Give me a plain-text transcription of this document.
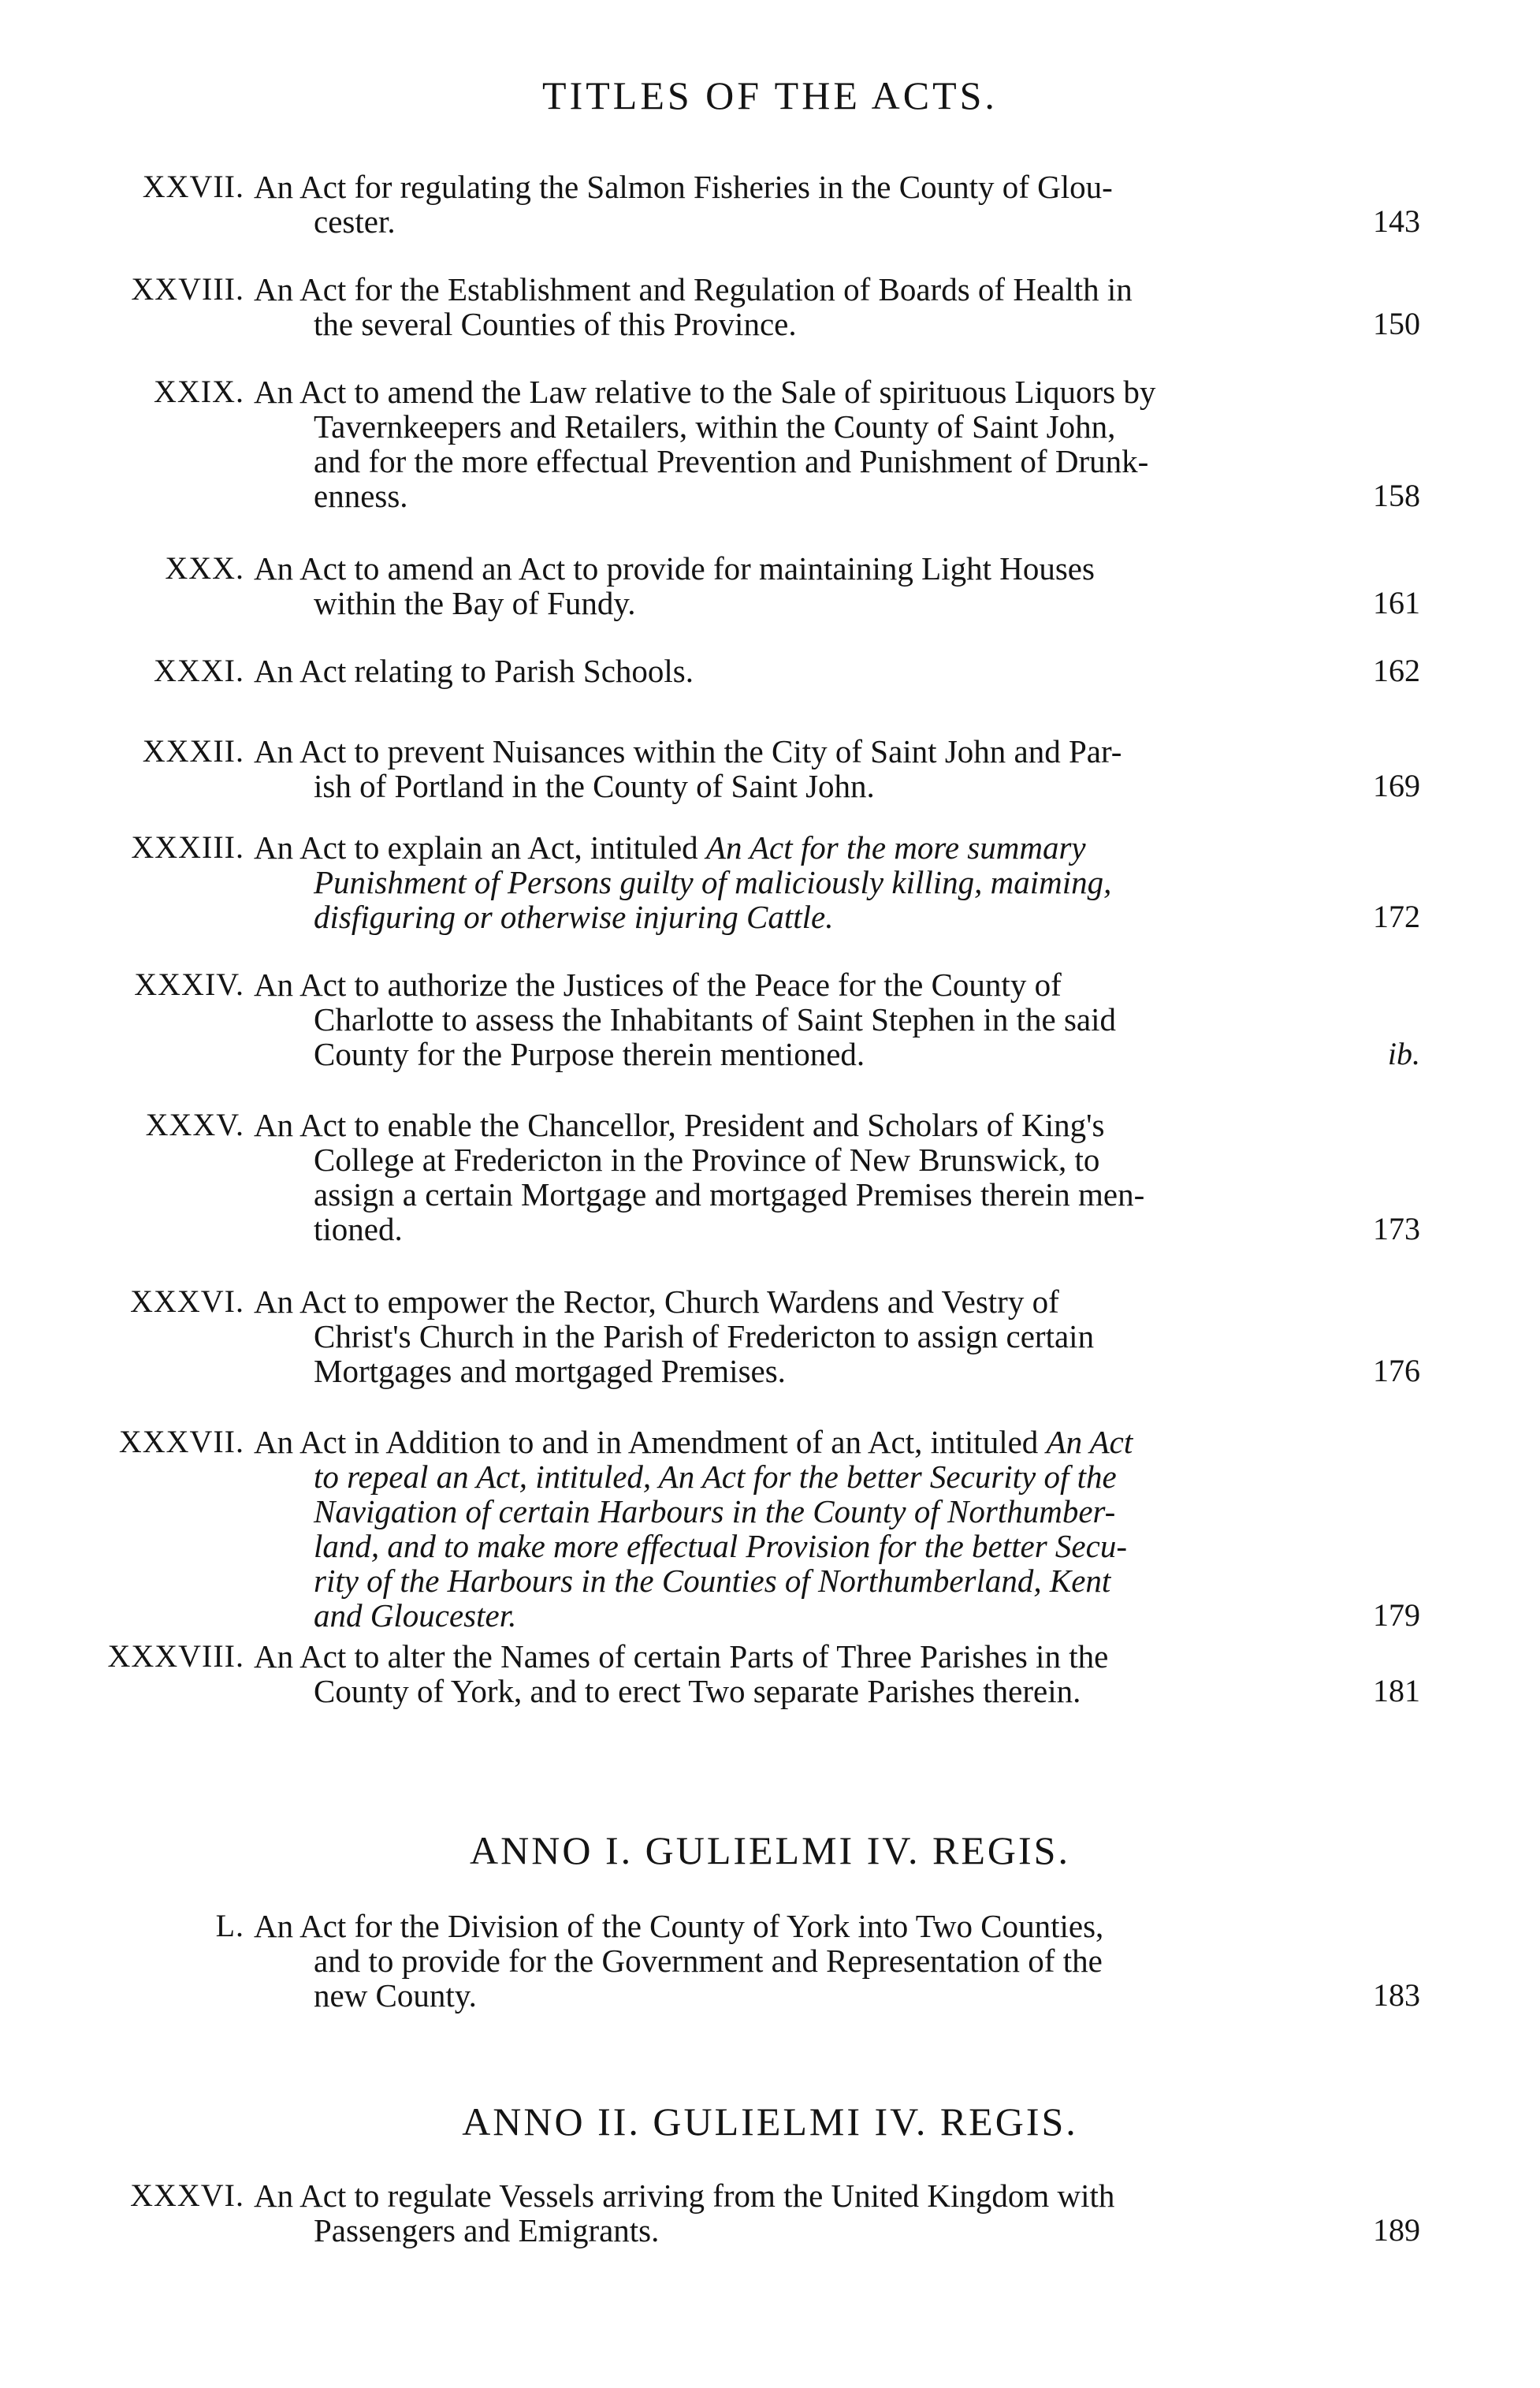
TITLES OF THE ACTS.
XXVII. An Act for regulating the Salmon Fisheries in the County of Glou-
cester.	143
XXVIII. An Act for the Establishment and Regulation of Boards of Health in
the several Counties of this Province.	150
XXIX. An Act to amend the Law relative to the Sale of spirituous Liquors by
Tavernkeepers and Retailers, within the County of Saint John,
and for the more effectual Prevention and Punishment of Drunk-
enness.	158
XXX. An Act to amend an Act to provide for maintaining Light Houses
within the Bay of Fundy.	161
XXXI. An Act relating to Parish Schools.	162
XXXII. An Act to prevent Nuisances within the City of Saint John and Par-
ish of Portland in the County of Saint John.	169
XXXIII. An Act to explain an Act, intituled An Act for the more summary
Punishment of Persons guilty of maliciously killing, maiming,
disfiguring or otherwise injuring Cattle.	172
XXXIV. An Act to authorize the Justices of the Peace for the County of
Charlotte to assess the Inhabitants of Saint Stephen in the said
County for the Purpose therein mentioned.	ib.
XXXV. An Act to enable the Chancellor, President and Scholars of King's
College at Fredericton in the Province of New Brunswick, to
assign a certain Mortgage and mortgaged Premises therein men-
tioned.	173
XXXVI. An Act to empower the Rector, Church Wardens and Vestry of
Christ's Church in the Parish of Fredericton to assign certain
Mortgages and mortgaged Premises.	176
XXXVII. An Act in Addition to and in Amendment of an Act, intituled An Act
to repeal an Act, intituled, An Act for the better Security of the
Navigation of certain Harbours in the County of Northumber-
land, and to make more effectual Provision for the better Secu-
rity of the Harbours in the Counties of Northumberland, Kent
and Gloucester.	179
XXXVIII. An Act to alter the Names of certain Parts of Three Parishes in the
County of York, and to erect Two separate Parishes therein.	181
ANNO I. GULIELMI IV. REGIS.
L. An Act for the Division of the County of York into Two Counties,
and to provide for the Government and Representation of the
new County.	183
ANNO II. GULIELMI IV. REGIS.
XXXVI. An Act to regulate Vessels arriving from the United Kingdom with
Passengers and Emigrants.	189
